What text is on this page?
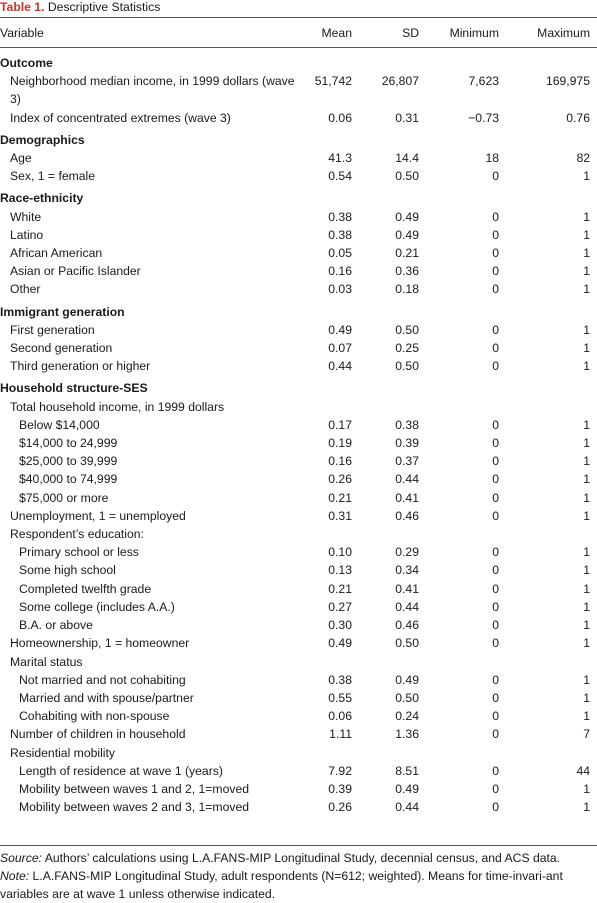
Table 1. Descriptive Statistics
Variable	Mean	SD	Minimum	Maximum
Outcome				
Neighborhood median income, in 1999 dollars (wave 3)	51,742	26,807	7,623	169,975
Index of concentrated extremes (wave 3)	0.06	0.31	−0.73	0.76
Demographics				
Age	41.3	14.4	18	82
Sex, 1 = female	0.54	0.50	0	1
Race-ethnicity				
White	0.38	0.49	0	1
Latino	0.38	0.49	0	1
African American	0.05	0.21	0	1
Asian or Pacific Islander	0.16	0.36	0	1
Other	0.03	0.18	0	1
Immigrant generation				
First generation	0.49	0.50	0	1
Second generation	0.07	0.25	0	1
Third generation or higher	0.44	0.50	0	1
Household structure-SES				
Total household income, in 1999 dollars				
Below $14,000	0.17	0.38	0	1
$14,000 to 24,999	0.19	0.39	0	1
$25,000 to 39,999	0.16	0.37	0	1
$40,000 to 74,999	0.26	0.44	0	1
$75,000 or more	0.21	0.41	0	1
Unemployment, 1 = unemployed	0.31	0.46	0	1
Respondent’s education:				
Primary school or less	0.10	0.29	0	1
Some high school	0.13	0.34	0	1
Completed twelfth grade	0.21	0.41	0	1
Some college (includes A.A.)	0.27	0.44	0	1
B.A. or above	0.30	0.46	0	1
Homeownership, 1 = homeowner	0.49	0.50	0	1
Marital status				
Not married and not cohabiting	0.38	0.49	0	1
Married and with spouse/partner	0.55	0.50	0	1
Cohabiting with non-spouse	0.06	0.24	0	1
Number of children in household	1.11	1.36	0	7
Residential mobility				
Length of residence at wave 1 (years)	7.92	8.51	0	44
Mobility between waves 1 and 2, 1=moved	0.39	0.49	0	1
Mobility between waves 2 and 3, 1=moved	0.26	0.44	0	1
Source: Authors’ calculations using L.A.FANS-MIP Longitudinal Study, decennial census, and ACS data.
Note: L.A.FANS-MIP Longitudinal Study, adult respondents (N=612; weighted). Means for time-invari-ant variables are at wave 1 unless otherwise indicated.
